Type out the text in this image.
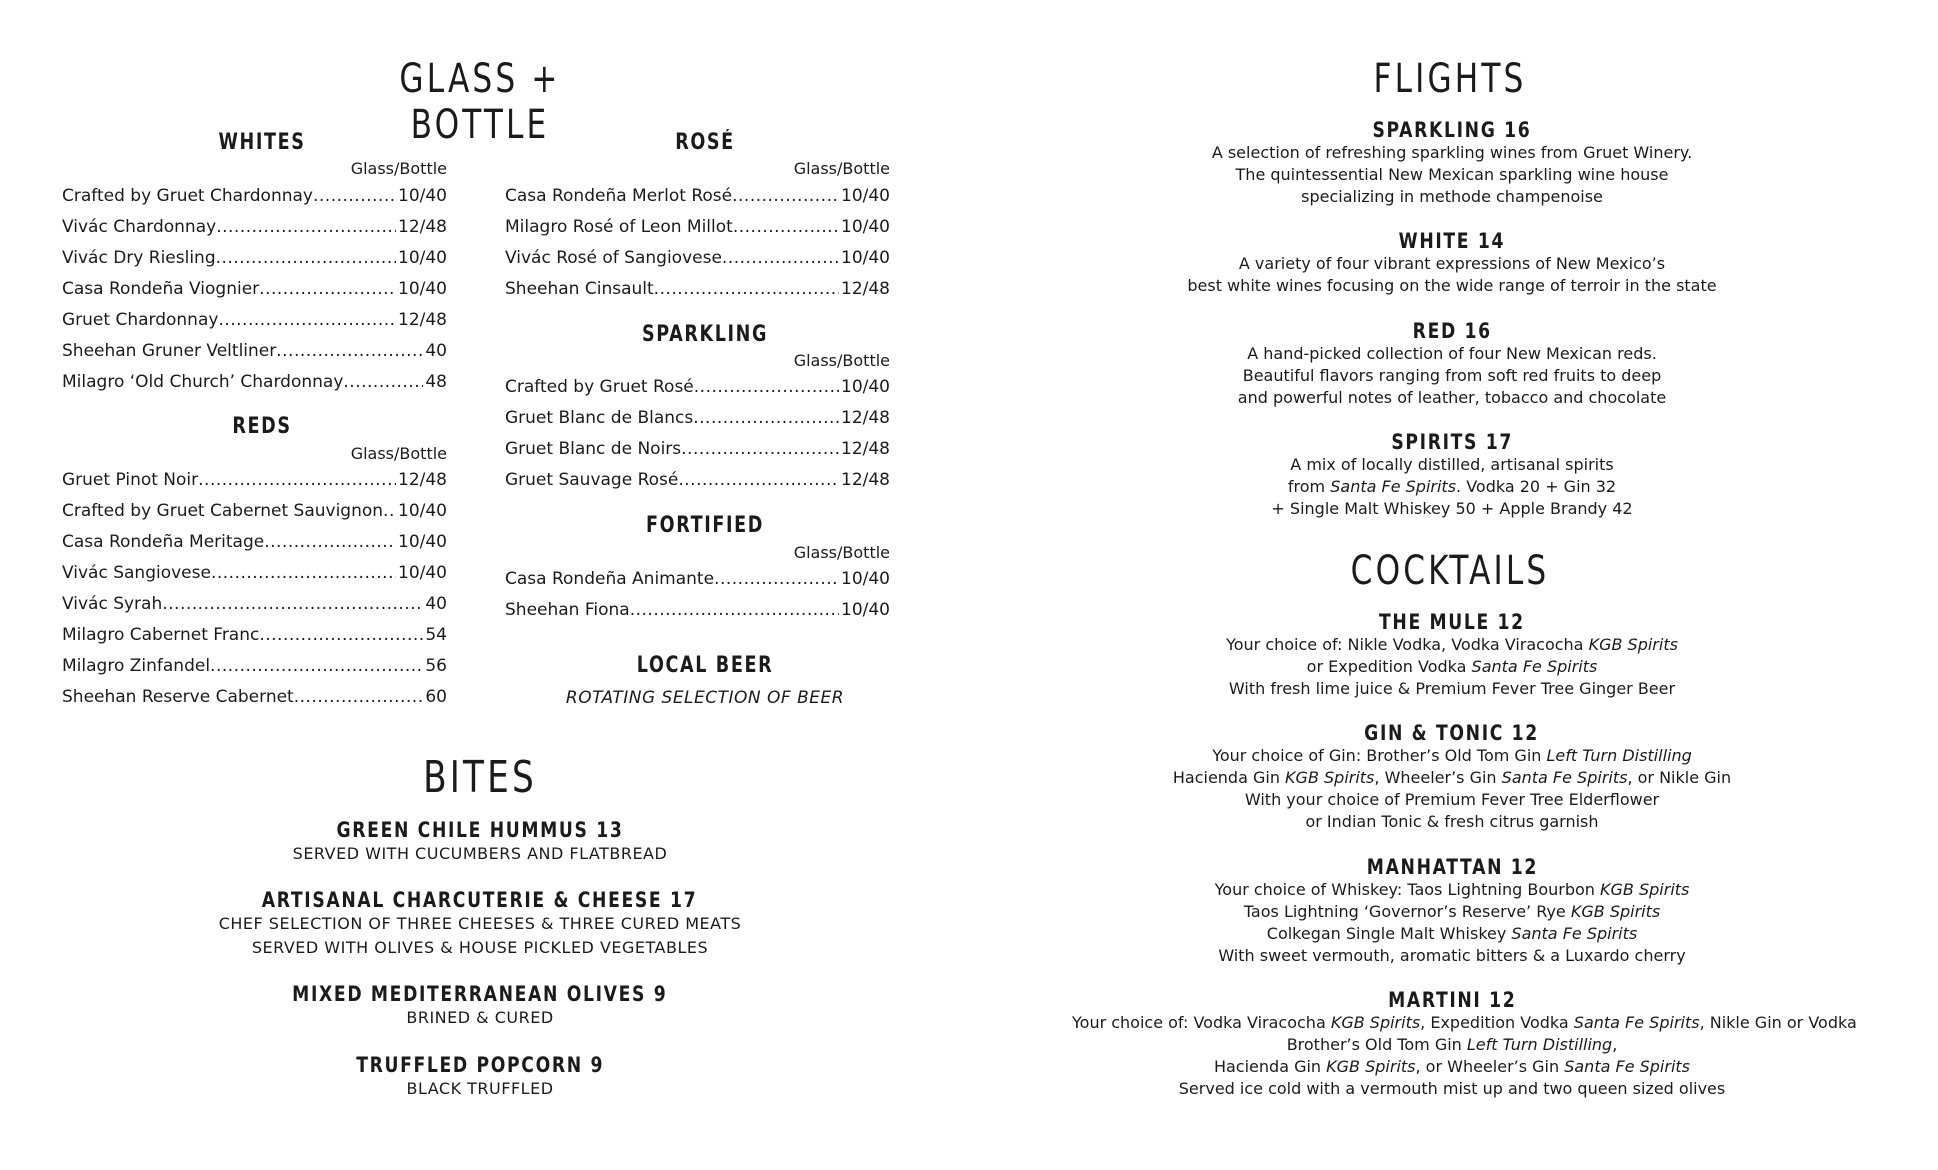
GLASS + BOTTLE
WHITES
Glass/Bottle
Crafted by Gruet Chardonnay .....	10/40
Vivác Chardonnay .....	12/48
Vivác Dry Riesling .....	10/40
Casa Rondeña Viognier .....	10/40
Gruet Chardonnay .....	12/48
Sheehan Gruner Veltliner .....	40
Milagro ‘Old Church’ Chardonnay .....	48
REDS
Glass/Bottle
Gruet Pinot Noir .....	12/48
Crafted by Gruet Cabernet Sauvignon ..... 10/40
Casa Rondeña Meritage .....	10/40
Vivác Sangiovese .....	10/40
Vivác Syrah .....	40
Milagro Cabernet Franc .....	54
Milagro Zinfandel .....	56
Sheehan Reserve Cabernet .....	60
ROSÉ
Glass/Bottle
Casa Rondeña Merlot Rosé .....	10/40
Milagro Rosé of Leon Millot .....	10/40
Vivác Rosé of Sangiovese .....	10/40
Sheehan Cinsault .....	12/48
SPARKLING
Glass/Bottle
Crafted by Gruet Rosé .....	10/40
Gruet Blanc de Blancs .....	12/48
Gruet Blanc de Noirs .....	12/48
Gruet Sauvage Rosé .....	12/48
FORTIFIED
Glass/Bottle
Casa Rondeña Animante .....	10/40
Sheehan Fiona .....	10/40
LOCAL BEER
ROTATING SELECTION OF BEER
BITES
GREEN CHILE HUMMUS 13
SERVED WITH CUCUMBERS AND FLATBREAD
ARTISANAL CHARCUTERIE & CHEESE 17
CHEF SELECTION OF THREE CHEESES & THREE CURED MEATS
SERVED WITH OLIVES & HOUSE PICKLED VEGETABLES
MIXED MEDITERRANEAN OLIVES 9
BRINED & CURED
TRUFFLED POPCORN 9
BLACK TRUFFLED
FLIGHTS
SPARKLING 16
A selection of refreshing sparkling wines from Gruet Winery.
The quintessential New Mexican sparkling wine house
specializing in methode champenoise
WHITE 14
A variety of four vibrant expressions of New Mexico’s
best white wines focusing on the wide range of terroir in the state
RED 16
A hand-picked collection of four New Mexican reds.
Beautiful flavors ranging from soft red fruits to deep
and powerful notes of leather, tobacco and chocolate
SPIRITS 17
A mix of locally distilled, artisanal spirits
from Santa Fe Spirits. Vodka 20 + Gin 32
+ Single Malt Whiskey 50 + Apple Brandy 42
COCKTAILS
THE MULE 12
Your choice of: Nikle Vodka, Vodka Viracocha KGB Spirits
or Expedition Vodka Santa Fe Spirits
With fresh lime juice & Premium Fever Tree Ginger Beer
GIN & TONIC 12
Your choice of Gin: Brother’s Old Tom Gin Left Turn Distilling
Hacienda Gin KGB Spirits, Wheeler’s Gin Santa Fe Spirits, or Nikle Gin
With your choice of Premium Fever Tree Elderflower
or Indian Tonic & fresh citrus garnish
MANHATTAN 12
Your choice of Whiskey: Taos Lightning Bourbon KGB Spirits
Taos Lightning ‘Governor’s Reserve’ Rye KGB Spirits
Colkegan Single Malt Whiskey Santa Fe Spirits
With sweet vermouth, aromatic bitters & a Luxardo cherry
MARTINI 12
Your choice of: Vodka Viracocha KGB Spirits, Expedition Vodka Santa Fe Spirits, Nikle Gin or Vodka
Brother’s Old Tom Gin Left Turn Distilling,
Hacienda Gin KGB Spirits, or Wheeler’s Gin Santa Fe Spirits
Served ice cold with a vermouth mist up and two queen sized olives
